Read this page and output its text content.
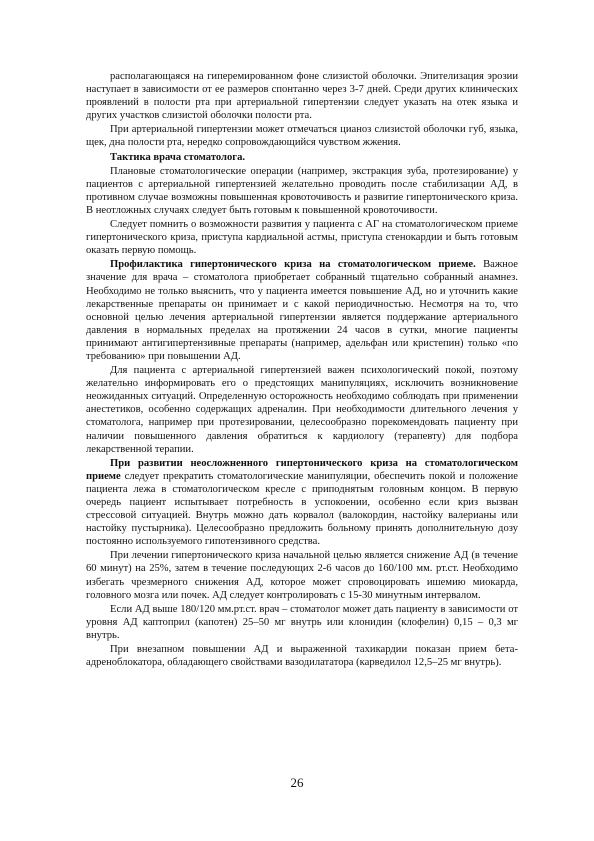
располагающаяся на гиперемированном фоне слизистой оболочки. Эпителизация эрозии наступает в зависимости от ее размеров спонтанно через 3-7 дней. Среди других клинических проявлений в полости рта при артериальной гипертензии следует указать на отек языка и других участков слизистой оболочки полости рта.

При артериальной гипертензии может отмечаться цианоз слизистой оболочки губ, языка, щек, дна полости рта, нередко сопровождающийся чувством жжения.

Тактика врача стоматолога.

Плановые стоматологические операции (например, экстракция зуба, протезирование) у пациентов с артериальной гипертензией желательно проводить после стабилизации АД, в противном случае возможны повышенная кровоточивость и развитие гипертонического криза. В неотложных случаях следует быть готовым к повышенной кровоточивости.

Следует помнить о возможности развития у пациента с АГ на стоматологическом приеме гипертонического криза, приступа кардиальной астмы, приступа стенокардии и быть готовым оказать первую помощь.

Профилактика гипертонического криза на стоматологическом приеме. Важное значение для врача – стоматолога приобретает собранный тщательно собранный анамнез. Необходимо не только выяснить, что у пациента имеется повышение АД, но и уточнить какие лекарственные препараты он принимает и с какой периодичностью. Несмотря на то, что основной целью лечения артериальной гипертензии является поддержание артериального давления в нормальных пределах на протяжении 24 часов в сутки, многие пациенты принимают антигипертензивные препараты (например, адельфан или кристепин) только «по требованию» при повышении АД.

Для пациента с артериальной гипертензией важен психологический покой, поэтому желательно информировать его о предстоящих манипуляциях, исключить возникновение неожиданных ситуаций. Определенную осторожность необходимо соблюдать при применении анестетиков, особенно содержащих адреналин. При необходимости длительного лечения у стоматолога, например при протезировании, целесообразно порекомендовать пациенту при наличии повышенного давления обратиться к кардиологу (терапевту) для подбора лекарственной терапии.

При развитии неосложненного гипертонического криза на стоматологическом приеме следует прекратить стоматологические манипуляции, обеспечить покой и положение пациента лежа в стоматологическом кресле с приподнятым головным концом. В первую очередь пациент испытывает потребность в успокоении, особенно если криз вызван стрессовой ситуацией. Внутрь можно дать корвалол (валокордин, настойку валерианы или настойку пустырника). Целесообразно предложить больному принять дополнительную дозу постоянно используемого гипотензивного средства.

При лечении гипертонического криза начальной целью является снижение АД (в течение 60 минут) на 25%, затем в течение последующих 2-6 часов до 160/100 мм. рт.ст. Необходимо избегать чрезмерного снижения АД, которое может спровоцировать ишемию миокарда, головного мозга или почек. АД следует контролировать с 15-30 минутным интервалом.

Если АД выше 180/120 мм.рт.ст. врач – стоматолог может дать пациенту в зависимости от уровня АД каптоприл (капотен) 25–50 мг внутрь или клонидин (клофелин) 0,15 – 0,3 мг внутрь.

При внезапном повышении АД и выраженной тахикардии показан прием бета-адреноблокатора, обладающего свойствами вазодилататора (карведилол 12,5–25 мг внутрь).

26
